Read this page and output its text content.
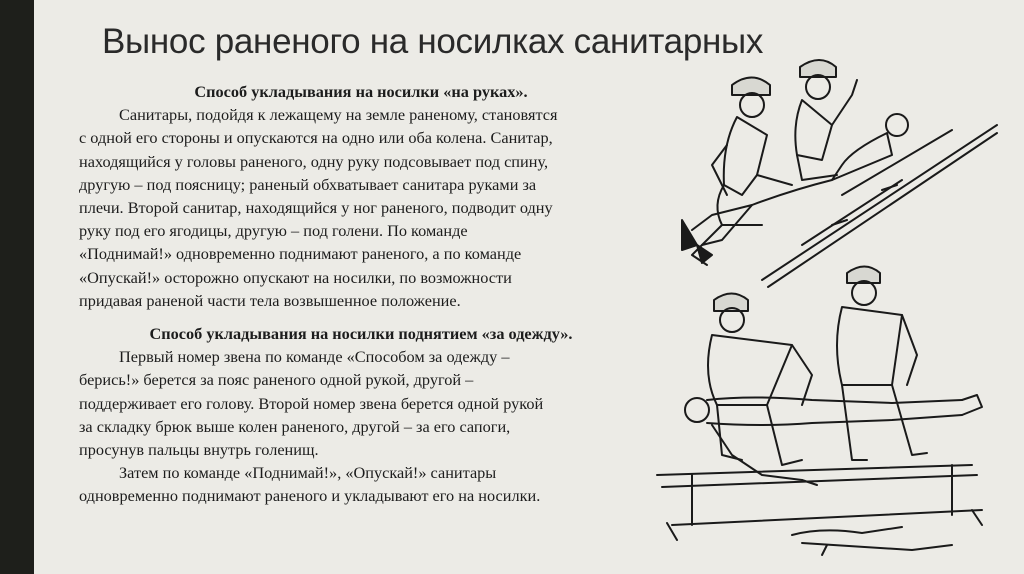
Вынос раненого на носилках санитарных

Способ укладывания на носилки «на руках».

Санитары, подойдя к лежащему на земле раненому, становятся

с одной его стороны и опускаются на одно или оба колена. Санитар,

находящийся у головы раненого, одну руку подсовывает под спину,

другую – под поясницу; раненый обхватывает санитара руками за

плечи. Второй санитар, находящийся у ног раненого, подводит одну

руку под его ягодицы, другую – под голени. По команде

«Поднимай!» одновременно поднимают раненого, а по команде

«Опускай!» осторожно опускают на носилки, по возможности

придавая раненой части тела возвышенное положение.

Способ укладывания на носилки поднятием «за одежду».

Первый номер звена по команде «Способом за одежду –

берись!» берется за пояс раненого одной рукой, другой –

поддерживает его голову. Второй номер звена берется одной рукой

за складку брюк выше колен раненого, другой – за его сапоги,

просунув пальцы внутрь голенищ.

Затем по команде «Поднимай!», «Опускай!» санитары

одновременно поднимают раненого и укладывают его на носилки.
